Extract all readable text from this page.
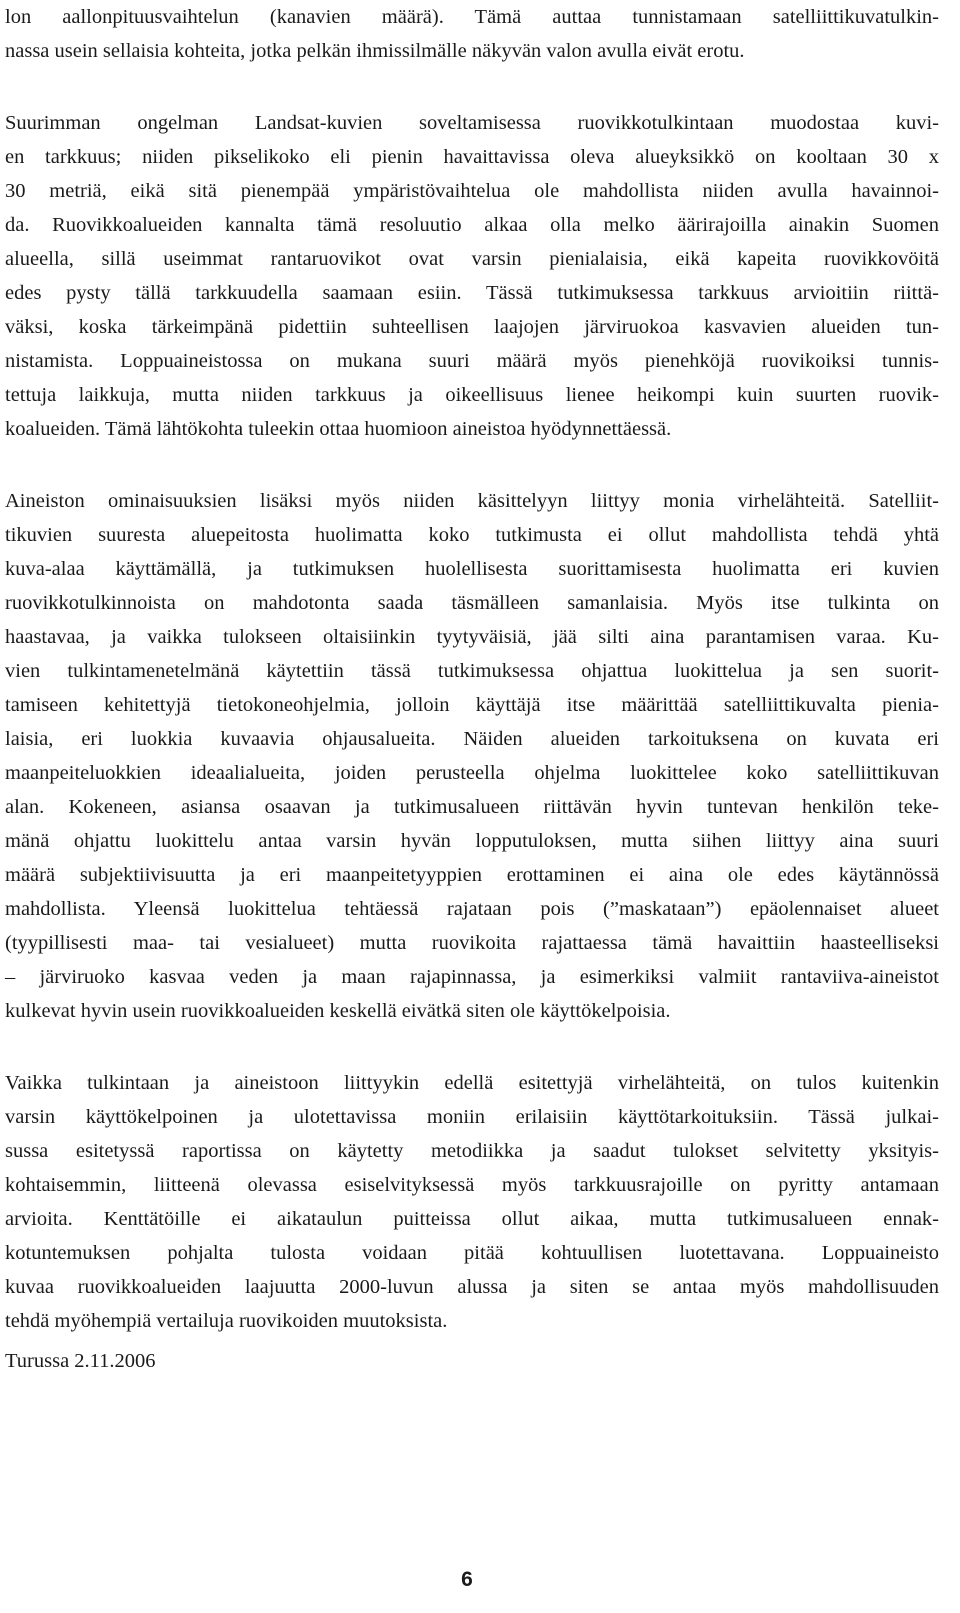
lon aallonpituusvaihtelun (kanavien määrä). Tämä auttaa tunnistamaan satelliittikuvatulkin-
nassa usein sellaisia kohteita, jotka pelkän ihmissilmälle näkyvän valon avulla eivät erotu.
Suurimman ongelman Landsat-kuvien soveltamisessa ruovikkotulkintaan muodostaa kuvi-
en tarkkuus; niiden pikselikoko eli pienin havaittavissa oleva alueyksikkö on kooltaan 30 x
30 metriä, eikä sitä pienempää ympäristövaihtelua ole mahdollista niiden avulla havainnoi-
da. Ruovikkoalueiden kannalta tämä resoluutio alkaa olla melko äärirajoilla ainakin Suomen
alueella, sillä useimmat rantaruovikot ovat varsin pienialaisia, eikä kapeita ruovikkovöitä
edes pysty tällä tarkkuudella saamaan esiin. Tässä tutkimuksessa tarkkuus arvioitiin riittä-
väksi, koska tärkeimpänä pidettiin suhteellisen laajojen järviruokoa kasvavien alueiden tun-
nistamista. Loppuaineistossa on mukana suuri määrä myös pienehköjä ruovikoiksi tunnis-
tettuja laikkuja, mutta niiden tarkkuus ja oikeellisuus lienee heikompi kuin suurten ruovik-
koalueiden. Tämä lähtökohta tuleekin ottaa huomioon aineistoa hyödynnettäessä.
Aineiston ominaisuuksien lisäksi myös niiden käsittelyyn liittyy monia virhelähteitä. Satelliit-
tikuvien suuresta aluepeitosta huolimatta koko tutkimusta ei ollut mahdollista tehdä yhtä
kuva-alaa käyttämällä, ja tutkimuksen huolellisesta suorittamisesta huolimatta eri kuvien
ruovikkotulkinnoista on mahdotonta saada täsmälleen samanlaisia. Myös itse tulkinta on
haastavaa, ja vaikka tulokseen oltaisiinkin tyytyväisiä, jää silti aina parantamisen varaa. Ku-
vien tulkintamenetelmänä käytettiin tässä tutkimuksessa ohjattua luokittelua ja sen suorit-
tamiseen kehitettyjä tietokoneohjelmia, jolloin käyttäjä itse määrittää satelliittikuvalta pienia-
laisia, eri luokkia kuvaavia ohjausalueita. Näiden alueiden tarkoituksena on kuvata eri
maanpeiteluokkien ideaalialueita, joiden perusteella ohjelma luokittelee koko satelliittikuvan
alan. Kokeneen, asiansa osaavan ja tutkimusalueen riittävän hyvin tuntevan henkilön teke-
mänä ohjattu luokittelu antaa varsin hyvän lopputuloksen, mutta siihen liittyy aina suuri
määrä subjektiivisuutta ja eri maanpeitetyyppien erottaminen ei aina ole edes käytännössä
mahdollista. Yleensä luokittelua tehtäessä rajataan pois (”maskataan”) epäolennaiset alueet
(tyypillisesti maa- tai vesialueet) mutta ruovikoita rajattaessa tämä havaittiin haasteelliseksi
– järviruoko kasvaa veden ja maan rajapinnassa, ja esimerkiksi valmiit rantaviiva-aineistot
kulkevat hyvin usein ruovikkoalueiden keskellä eivätkä siten ole käyttökelpoisia.
Vaikka tulkintaan ja aineistoon liittyykin edellä esitettyjä virhelähteitä, on tulos kuitenkin
varsin käyttökelpoinen ja ulotettavissa moniin erilaisiin käyttötarkoituksiin. Tässä julkai-
sussa esitetyssä raportissa on käytetty metodiikka ja saadut tulokset selvitetty yksityis-
kohtaisemmin, liitteenä olevassa esiselvityksessä myös tarkkuusrajoille on pyritty antamaan
arvioita. Kenttätöille ei aikataulun puitteissa ollut aikaa, mutta tutkimusalueen ennak-
kotuntemuksen pohjalta tulosta voidaan pitää kohtuullisen luotettavana. Loppuaineisto
kuvaa ruovikkoalueiden laajuutta 2000-luvun alussa ja siten se antaa myös mahdollisuuden
tehdä myöhempiä vertailuja ruovikoiden muutoksista.
Turussa 2.11.2006
6
